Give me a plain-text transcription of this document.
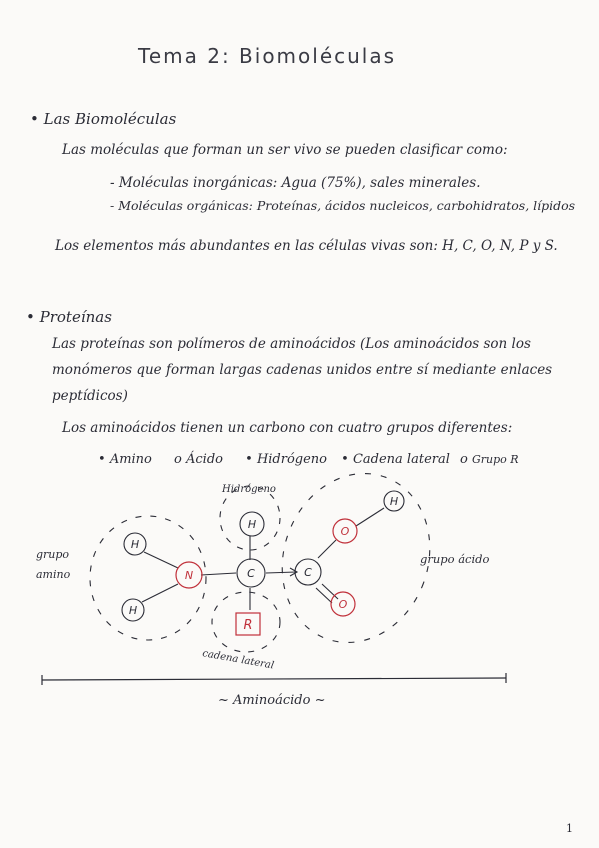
Tema 2: Biomoléculas
• Las Biomoléculas
Las moléculas que forman un ser vivo se pueden clasificar como:
- Moléculas inorgánicas: Agua (75%), sales minerales.
- Moléculas orgánicas: Proteínas, ácidos nucleicos, carbohidratos, lípidos
Los elementos más abundantes en las células vivas son: H, C, O, N, P y S.
• Proteínas
Las proteínas son polímeros de aminoácidos (Los aminoácidos son los
monómeros que forman largas cadenas unidos entre sí mediante enlaces
peptídicos)
Los aminoácidos tienen un carbono con cuatro grupos diferentes:
• Amino o Ácido • Hidrógeno • Cadena lateral o Grupo R
H
H
N	C
H
R
C
O
O
H
Hidrógeno
grupo
amino
grupo ácido
cadena lateral
~ Aminoácido ~
1
